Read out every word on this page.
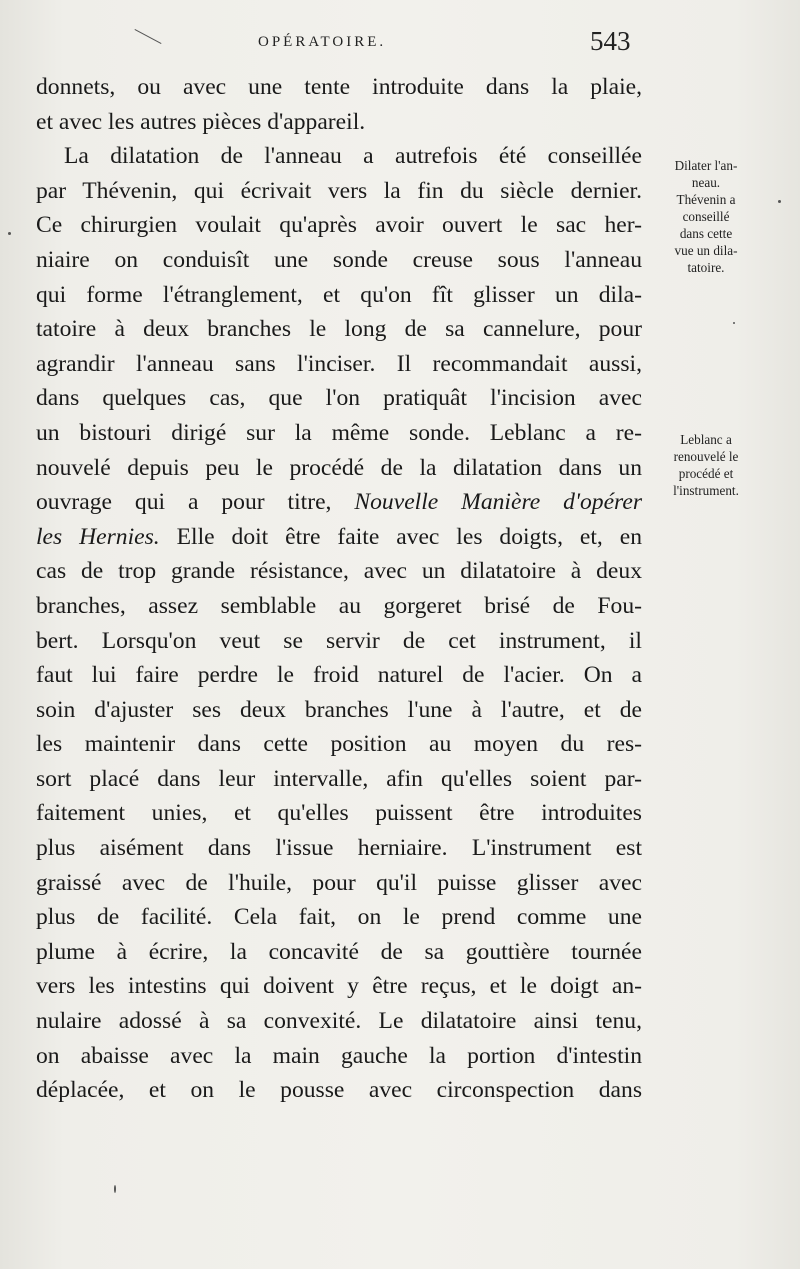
OPÉRATOIRE.	543
donnets, ou avec une tente introduite dans la plaie,
et avec les autres pièces d'appareil.
La dilatation de l'anneau a autrefois été conseillée
par Thévenin, qui écrivait vers la fin du siècle dernier.
Ce chirurgien voulait qu'après avoir ouvert le sac her-
niaire on conduisît une sonde creuse sous l'anneau
qui forme l'étranglement, et qu'on fît glisser un dila-
tatoire à deux branches le long de sa cannelure, pour
agrandir l'anneau sans l'inciser. Il recommandait aussi,
dans quelques cas, que l'on pratiquât l'incision avec
un bistouri dirigé sur la même sonde. Leblanc a re-
nouvelé depuis peu le procédé de la dilatation dans un
ouvrage qui a pour titre, Nouvelle Manière d'opérer
les Hernies. Elle doit être faite avec les doigts, et, en
cas de trop grande résistance, avec un dilatatoire à deux
branches, assez semblable au gorgeret brisé de Fou-
bert. Lorsqu'on veut se servir de cet instrument, il
faut lui faire perdre le froid naturel de l'acier. On a
soin d'ajuster ses deux branches l'une à l'autre, et de
les maintenir dans cette position au moyen du res-
sort placé dans leur intervalle, afin qu'elles soient par-
faitement unies, et qu'elles puissent être introduites
plus aisément dans l'issue herniaire. L'instrument est
graissé avec de l'huile, pour qu'il puisse glisser avec
plus de facilité. Cela fait, on le prend comme une
plume à écrire, la concavité de sa gouttière tournée
vers les intestins qui doivent y être reçus, et le doigt an-
nulaire adossé à sa convexité. Le dilatatoire ainsi tenu,
on abaisse avec la main gauche la portion d'intestin
déplacée, et on le pousse avec circonspection dans
Dilater l'an-
neau.
Thévenin a
conseillé
dans cette
vue un dila-
tatoire.
Leblanc a
renouvelé le
procédé et
l'instrument.
